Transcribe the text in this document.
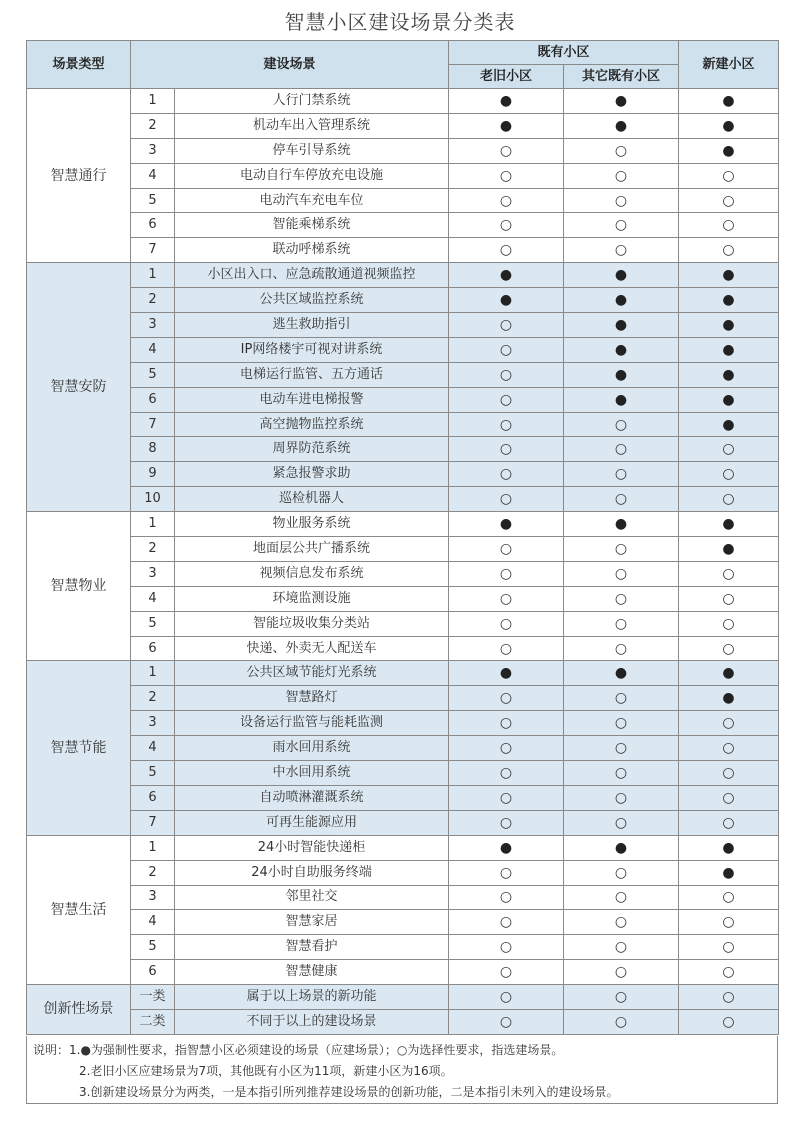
智慧小区建设场景分类表
场景类型	建设场景		既有小区		新建小区
			老旧小区	其它既有小区	
智慧通行	1	人行门禁系统	●	●	●
	2	机动车出入管理系统	●	●	●
	3	停车引导系统	○	○	●
	4	电动自行车停放充电设施	○	○	○
	5	电动汽车充电车位	○	○	○
	6	智能乘梯系统	○	○	○
	7	联动呼梯系统	○	○	○
智慧安防	1	小区出入口、应急疏散通道视频监控	●	●	●
	2	公共区域监控系统	●	●	●
	3	逃生救助指引	○	●	●
	4	IP网络楼宇可视对讲系统	○	●	●
	5	电梯运行监管、五方通话	○	●	●
	6	电动车进电梯报警	○	●	●
	7	高空抛物监控系统	○	○	●
	8	周界防范系统	○	○	○
	9	紧急报警求助	○	○	○
	10	巡检机器人	○	○	○
智慧物业	1	物业服务系统	●	●	●
	2	地面层公共广播系统	○	○	●
	3	视频信息发布系统	○	○	○
	4	环境监测设施	○	○	○
	5	智能垃圾收集分类站	○	○	○
	6	快递、外卖无人配送车	○	○	○
智慧节能	1	公共区域节能灯光系统	●	●	●
	2	智慧路灯	○	○	●
	3	设备运行监管与能耗监测	○	○	○
	4	雨水回用系统	○	○	○
	5	中水回用系统	○	○	○
	6	自动喷淋灌溉系统	○	○	○
	7	可再生能源应用	○	○	○
智慧生活	1	24小时智能快递柜	●	●	●
	2	24小时自助服务终端	○	○	●
	3	邻里社交	○	○	○
	4	智慧家居	○	○	○
	5	智慧看护	○	○	○
	6	智慧健康	○	○	○
创新性场景	一类	属于以上场景的新功能	○	○	○
	二类	不同于以上的建设场景	○	○	○
说明：1.●为强制性要求，指智慧小区必须建设的场景（应建场景）；○为选择性要求，指选建场景。
2.老旧小区应建场景为7项，其他既有小区为11项，新建小区为16项。
3.创新建设场景分为两类，一是本指引所列推荐建设场景的创新功能，二是本指引未列入的建设场景。
